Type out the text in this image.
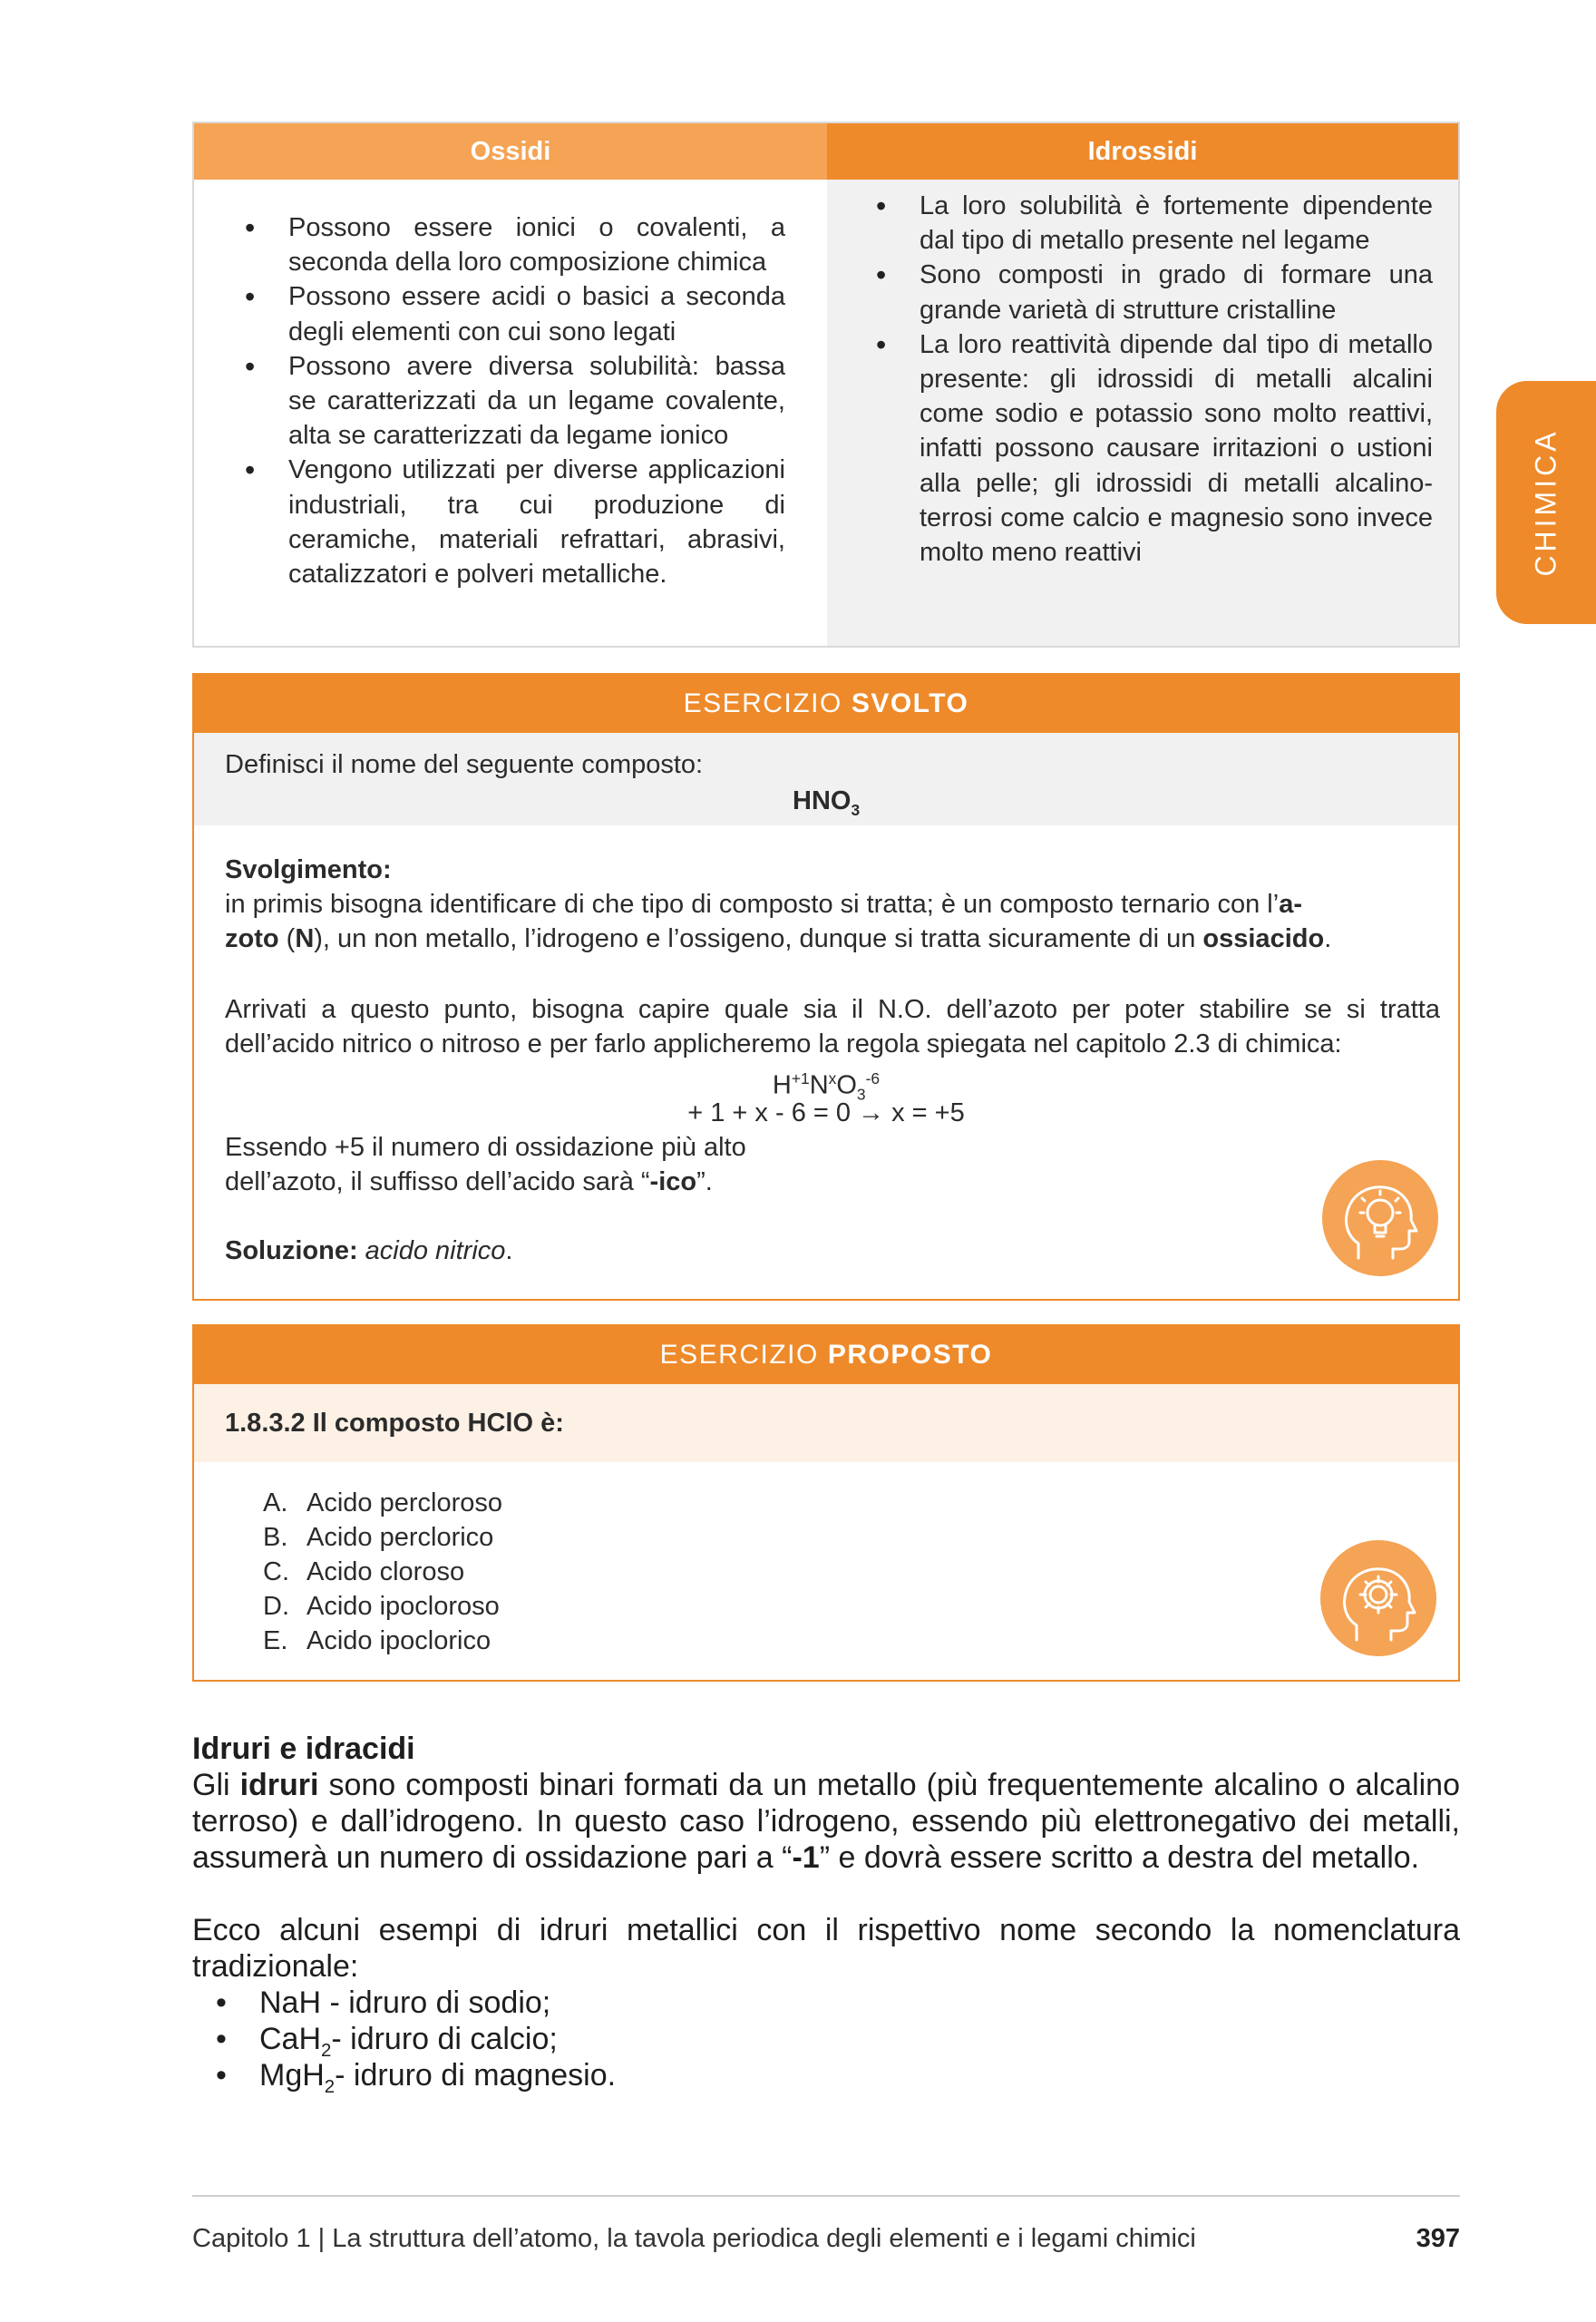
Ossidi
• Possono essere ionici o covalenti, a seconda della loro composizione chimica
• Possono essere acidi o basici a seconda degli elementi con cui sono legati
• Possono avere diversa solubilità: bassa se caratterizzati da un legame covalente, alta se caratterizzati da legame ionico
• Vengono utilizzati per diverse applicazioni industriali, tra cui produzione di ceramiche, materiali refrattari, abrasivi, catalizzatori e polveri metalliche.
Idrossidi
• La loro solubilità è fortemente dipendente dal tipo di metallo presente nel legame
• Sono composti in grado di formare una grande varietà di strutture cristalline
• La loro reattività dipende dal tipo di metallo presente: gli idrossidi di metalli alcalini come sodio e potassio sono molto reattivi, infatti possono causare irritazioni o ustioni alla pelle; gli idrossidi di metalli alcalino-terrosi come calcio e magnesio sono invece molto meno reattivi	CHIMICA
ESERCIZIO SVOLTO
Definisci il nome del seguente composto:
$HNO_3$
Svolgimento:
in primis bisogna identificare di che tipo di composto si tratta; è un composto ternario con l’a-
zoto (N), un non metallo, l’idrogeno e l’ossigeno, dunque si tratta sicuramente di un ossiacido.
Arrivati a questo punto, bisogna capire quale sia il N.O. dell’azoto per poter stabilire se si tratta dell’acido nitrico o nitroso e per farlo applicheremo la regola spiegata nel capitolo 2.3 di chimica:
$H^{+1}N^xO_3^{-6}$
+ 1 + x - 6 = 0 → x = +5
Essendo +5 il numero di ossidazione più alto
dell’azoto, il suffisso dell’acido sarà “-ico”.
Soluzione: acido nitrico.
ESERCIZIO PROPOSTO
1.8.3.2 Il composto HClO è:
A. Acido percloroso
B. Acido perclorico
C. Acido cloroso
D. Acido ipocloroso
E. Acido ipoclorico
Idruri e idracidi
Gli idruri sono composti binari formati da un metallo (più frequentemente alcalino o alcalino terroso) e dall’idrogeno. In questo caso l’idrogeno, essendo più elettronegativo dei metalli, assumerà un numero di ossidazione pari a “-1” e dovrà essere scritto a destra del metallo.
Ecco alcuni esempi di idruri metallici con il rispettivo nome secondo la nomenclatura tradizionale:
• NaH - idruro di sodio;
• CaH$_2$- idruro di calcio;
• MgH$_2$- idruro di magnesio.
Capitolo 1 | La struttura dell’atomo, la tavola periodica degli elementi e i legami chimici	397
